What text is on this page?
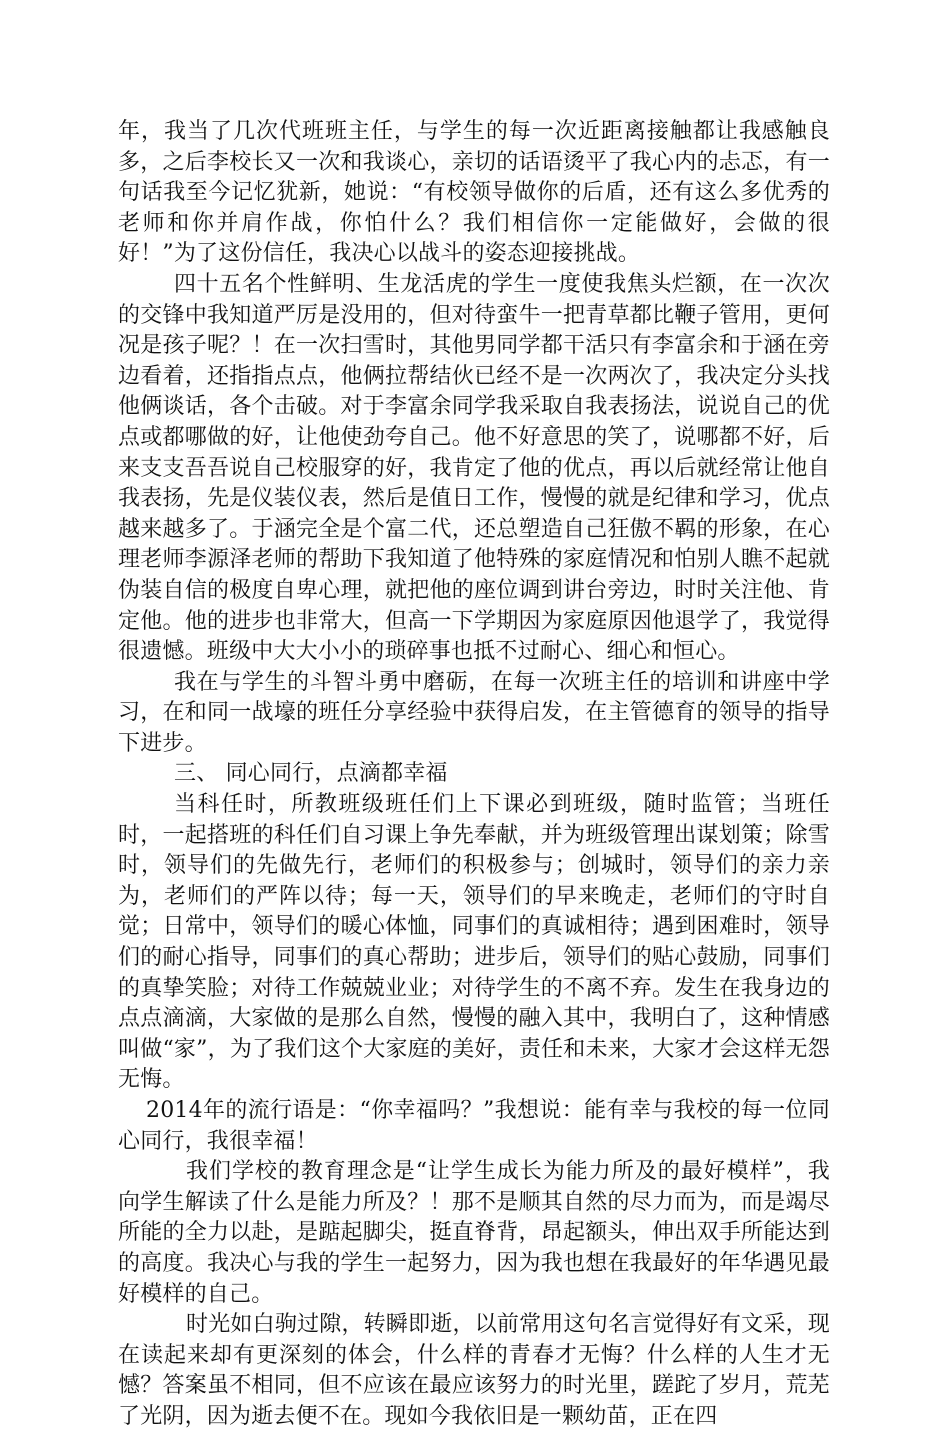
年，我当了几次代班班主任，与学生的每一次近距离接触都让我感触良多，之后李校长又一次和我谈心，亲切的话语烫平了我心内的忐忑，有一句话我至今记忆犹新，她说：“有校领导做你的后盾，还有这么多优秀的老师和你并肩作战，你怕什么？我们相信你一定能做好，会做的很好！”为了这份信任，我决心以战斗的姿态迎接挑战。

四十五名个性鲜明、生龙活虎的学生一度使我焦头烂额，在一次次的交锋中我知道严厉是没用的，但对待蛮牛一把青草都比鞭子管用，更何况是孩子呢？！在一次扫雪时，其他男同学都干活只有李富余和于涵在旁边看着，还指指点点，他俩拉帮结伙已经不是一次两次了，我决定分头找他俩谈话，各个击破。对于李富余同学我采取自我表扬法，说说自己的优点或都哪做的好，让他使劲夸自己。他不好意思的笑了，说哪都不好，后来支支吾吾说自己校服穿的好，我肯定了他的优点，再以后就经常让他自我表扬，先是仪装仪表，然后是值日工作，慢慢的就是纪律和学习，优点越来越多了。于涵完全是个富二代，还总塑造自己狂傲不羁的形象，在心理老师李源泽老师的帮助下我知道了他特殊的家庭情况和怕别人瞧不起就伪装自信的极度自卑心理，就把他的座位调到讲台旁边，时时关注他、肯定他。他的进步也非常大，但高一下学期因为家庭原因他退学了，我觉得很遗憾。班级中大大小小的琐碎事也抵不过耐心、细心和恒心。

我在与学生的斗智斗勇中磨砺，在每一次班主任的培训和讲座中学习，在和同一战壕的班任分享经验中获得启发，在主管德育的领导的指导下进步。

三、 同心同行，点滴都幸福

当科任时，所教班级班任们上下课必到班级，随时监管；当班任时，一起搭班的科任们自习课上争先奉献，并为班级管理出谋划策；除雪时，领导们的先做先行，老师们的积极参与；创城时，领导们的亲力亲为，老师们的严阵以待；每一天，领导们的早来晚走，老师们的守时自觉；日常中，领导们的暖心体恤，同事们的真诚相待；遇到困难时，领导们的耐心指导，同事们的真心帮助；进步后，领导们的贴心鼓励，同事们的真挚笑脸；对待工作兢兢业业；对待学生的不离不弃。发生在我身边的点点滴滴，大家做的是那么自然，慢慢的融入其中，我明白了，这种情感叫做“家”，为了我们这个大家庭的美好，责任和未来，大家才会这样无怨无悔。

2014年的流行语是：“你幸福吗？”我想说：能有幸与我校的每一位同心同行，我很幸福！

我们学校的教育理念是“让学生成长为能力所及的最好模样”，我向学生解读了什么是能力所及？！那不是顺其自然的尽力而为，而是竭尽所能的全力以赴，是踮起脚尖，挺直脊背，昂起额头，伸出双手所能达到的高度。我决心与我的学生一起努力，因为我也想在我最好的年华遇见最好模样的自己。

时光如白驹过隙，转瞬即逝，以前常用这句名言觉得好有文采，现在读起来却有更深刻的体会，什么样的青春才无悔？什么样的人生才无憾？答案虽不相同，但不应该在最应该努力的时光里，蹉跎了岁月，荒芜了光阴，因为逝去便不在。现如今我依旧是一颗幼苗，正在四
